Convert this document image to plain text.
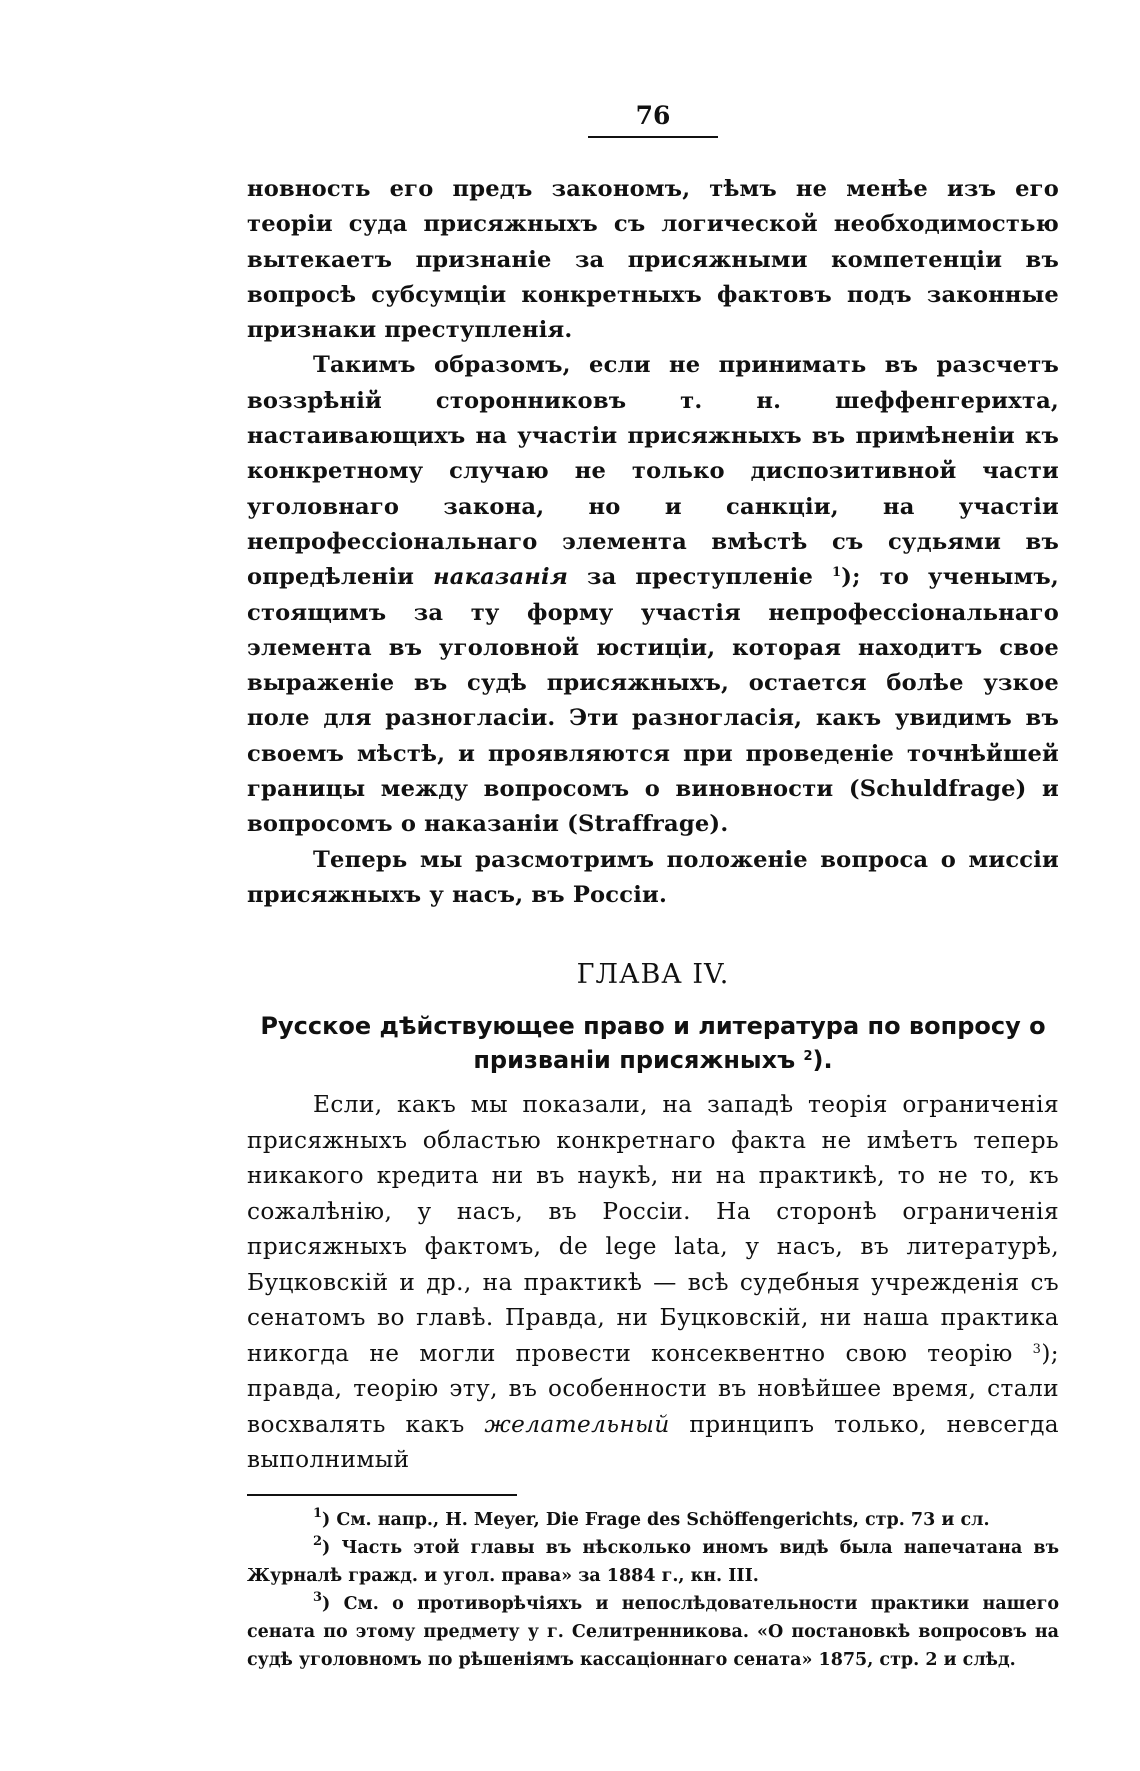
76

новность его предъ закономъ, тѣмъ не менѣе изъ его теорiи суда присяжныхъ съ логической необходимостью вытекаетъ признанiе за присяжными компетенцiи въ вопросѣ субсумцiи конкретныхъ фактовъ подъ законные признаки преступленiя.

Такимъ образомъ, если не принимать въ разсчетъ воззрѣнiй сторонниковъ т. н. шеффенгерихта, настаивающихъ на участiи присяжныхъ въ примѣненiи къ конкретному случаю не только диспозитивной части уголовнаго закона, но и санкцiи, на участiи непрофессiональнаго элемента вмѣстѣ съ судьями въ опредѣленiи наказанiя за преступленiе $^1$); то ученымъ, стоящимъ за ту форму участiя непрофессiональнаго элемента въ уголовной юстицiи, которая находитъ свое выраженiе въ судѣ присяжныхъ, остается болѣе узкое поле для разногласiи. Эти разногласiя, какъ увидимъ въ своемъ мѣстѣ, и проявляются при проведенiе точнѣйшей границы между вопросомъ о виновности (Schuldfrage) и вопросомъ о наказанiи (Straffrage).

Теперь мы разсмотримъ положенiе вопроса о миссiи присяжныхъ у насъ, въ Россiи.

ГЛАВА IV.

Русское дѣйствующее право и литература по вопросу о призванiи присяжныхъ $^2$).

Если, какъ мы показали, на западѣ теорiя ограниченiя присяжныхъ областью конкретнаго факта не имѣетъ теперь никакого кредита ни въ наукѣ, ни на практикѣ, то не то, къ сожалѣнiю, у насъ, въ Россiи. На сторонѣ ограниченiя присяжныхъ фактомъ, de lege lata, у насъ, въ литературѣ, Буцковскiй и др., на практикѣ — всѣ судебныя учрежденiя съ сенатомъ во главѣ. Правда, ни Буцковскiй, ни наша практика никогда не могли провести консеквентно свою теорiю $^3$); правда, теорiю эту, въ особенности въ новѣйшее время, стали восхвалять какъ желательный принципъ только, невсегда выполнимый

$^1$) См. напр., H. Meyer, Die Frage des Schöffengerichts, стр. 73 и сл.

$^2$) Часть этой главы въ нѣсколько иномъ видѣ была напечатана въ Журналѣ гражд. и угол. права» за 1884 г., кн. III.

$^3$) См. о противорѣчiяхъ и непослѣдовательности практики нашего сената по этому предмету у г. Селитренникова. «О постановкѣ вопросовъ на судѣ уголовномъ по рѣшенiямъ кассацiоннаго сената» 1875, стр. 2 и слѣд.
